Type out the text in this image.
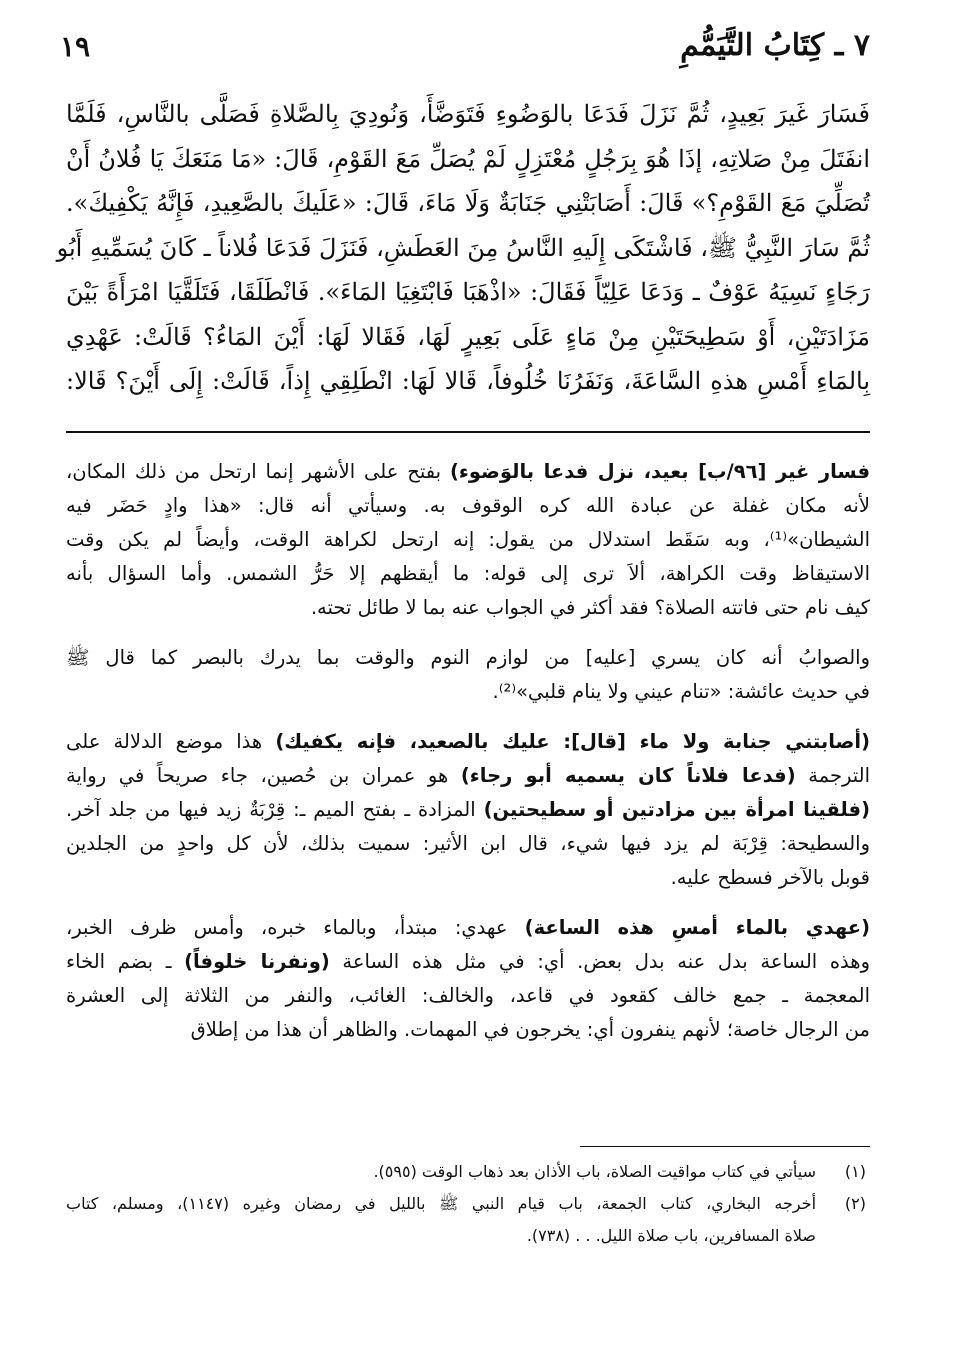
٧ ـ كِتَابُ التَّيَمُّمِ
١٩
فَسَارَ غَيرَ بَعِيدٍ، ثُمَّ نَزَلَ فَدَعَا بالوَضُوءِ فَتَوَضَّأَ، وَنُودِيَ بِالصَّلاةِ فَصَلَّى بالنَّاسِ، فَلَمَّا
انفَتَلَ مِنْ صَلاتِهِ، إذَا هُوَ بِرَجُلٍ مُعْتَزِلٍ لَمْ يُصَلِّ مَعَ القَوْمِ، قَالَ: «مَا مَنَعَكَ يَا فُلانُ أَنْ
تُصَلِّيَ مَعَ القَوْمِ؟» قَالَ: أَصَابَتْنِي جَنَابَةٌ وَلَا مَاءَ، قَالَ: «عَلَيكَ بالصَّعِيدِ، فَإِنَّهُ يَكْفِيكَ».
ثُمَّ سَارَ النَّبِيُّ ﷺ، فَاشْتَكَى إِلَيهِ النَّاسُ مِنَ العَطَشِ، فَنَزَلَ فَدَعَا فُلاناً ـ كَانَ يُسَمِّيهِ أَبُو
رَجَاءٍ نَسِيَهُ عَوْفٌ ـ وَدَعَا عَلِيّاً فَقَالَ: «اذْهَبَا فَابْتَغِيَا المَاءَ». فَانْطَلَقَا، فَتَلَقَّيَا امْرَأَةً بَيْنَ
مَزَادَتَيْنِ، أَوْ سَطِيحَتَيْنِ مِنْ مَاءٍ عَلَى بَعِيرٍ لَهَا، فَقَالا لَهَا: أَيْنَ المَاءُ؟ قَالَتْ: عَهْدِي
بِالمَاءِ أَمْسِ هذهِ السَّاعَةَ، وَنَفَرُنَا خُلُوفاً، قَالا لَهَا: انْطَلِقِي إِذاً، قَالَتْ: إِلَى أَيْنَ؟ قَالا:
فسار غير [٩٦/ب] بعيد، نزل فدعا بالوَضوء) بفتح على الأشهر إنما ارتحل من ذلك المكان،
لأنه مكان غفلة عن عبادة الله كره الوقوف به. وسيأتي أنه قال: «هذا وادٍ حَضَر فيه
الشيطان»⁽¹⁾، وبه سَقَط استدلال من يقول: إنه ارتحل لكراهة الوقت، وأيضاً لم يكن وقت
الاستيقاظ وقت الكراهة، ألاَ ترى إلى قوله: ما أيقظهم إلا حَرُّ الشمس. وأما السؤال بأنه
كيف نام حتى فاتته الصلاة؟ فقد أكثر في الجواب عنه بما لا طائل تحته.
والصوابُ أنه كان يسري [عليه] من لوازم النوم والوقت بما يدرك بالبصر كما قال ﷺ
في حديث عائشة: «تنام عيني ولا ينام قلبي»⁽²⁾.
(أصابتني جنابة ولا ماء [قال]: عليك بالصعيد، فإنه يكفيك) هذا موضع الدلالة على
الترجمة (فدعا فلاناً كان يسميه أبو رجاء) هو عمران بن حُصين، جاء صريحاً في رواية
(فلقينا امرأة بين مزادتين أو سطيحتين) المزادة ـ بفتح الميم ـ: قِرْبَةٌ زيد فيها من جلد آخر.
والسطيحة: قِرْبَة لم يزد فيها شيء، قال ابن الأثير: سميت بذلك، لأن كل واحدٍ من الجلدين
قوبل بالآخر فسطح عليه.
(عهدي بالماء أمسِ هذه الساعة) عهدي: مبتدأ، وبالماء خبره، وأمس ظرف الخبر،
وهذه الساعة بدل عنه بدل بعض. أي: في مثل هذه الساعة (ونفرنا خلوفاً) ـ بضم الخاء
المعجمة ـ جمع خالف كقعود في قاعد، والخالف: الغائب، والنفر من الثلاثة إلى العشرة
من الرجال خاصة؛ لأنهم ينفرون أي: يخرجون في المهمات. والظاهر أن هذا من إطلاق
(١)
سيأتي في كتاب مواقيت الصلاة، باب الأذان بعد ذهاب الوقت (٥٩٥).
(٢)
أخرجه البخاري، كتاب الجمعة، باب قيام النبي ﷺ بالليل في رمضان وغيره (١١٤٧)، ومسلم، كتاب
صلاة المسافرين، باب صلاة الليل. . . (٧٣٨).
